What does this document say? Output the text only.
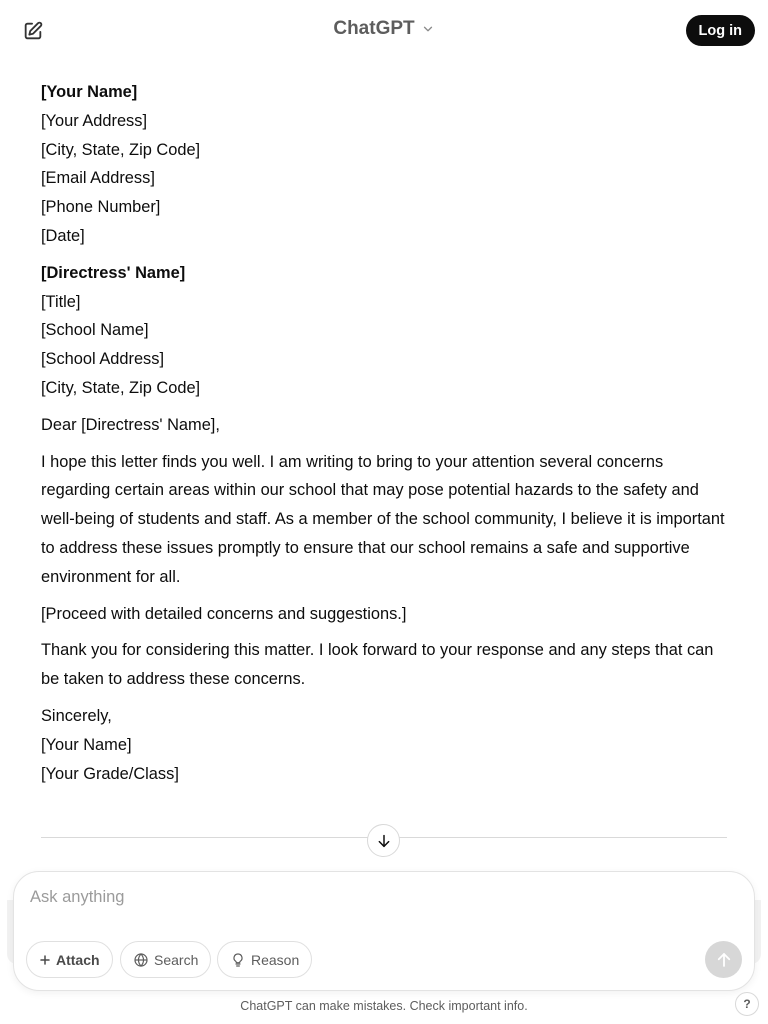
ChatGPT	Log in

[Your Name]

[Your Address]

[City, State, Zip Code]

[Email Address]

[Phone Number]

[Date]

[Directress' Name]

[Title]

[School Name]

[School Address]

[City, State, Zip Code]

Dear [Directress' Name],

I hope this letter finds you well. I am writing to bring to your attention several concerns regarding certain areas within our school that may pose potential hazards to the safety and well-being of students and staff. As a member of the school community, I believe it is important to address these issues promptly to ensure that our school remains a safe and supportive environment for all.

[Proceed with detailed concerns and suggestions.]

Thank you for considering this matter. I look forward to your response and any steps that can be taken to address these concerns.

Sincerely,

[Your Name]

[Your Grade/Class]

Ask anything
Attach	Search	Reason
ChatGPT can make mistakes. Check important info.	?
